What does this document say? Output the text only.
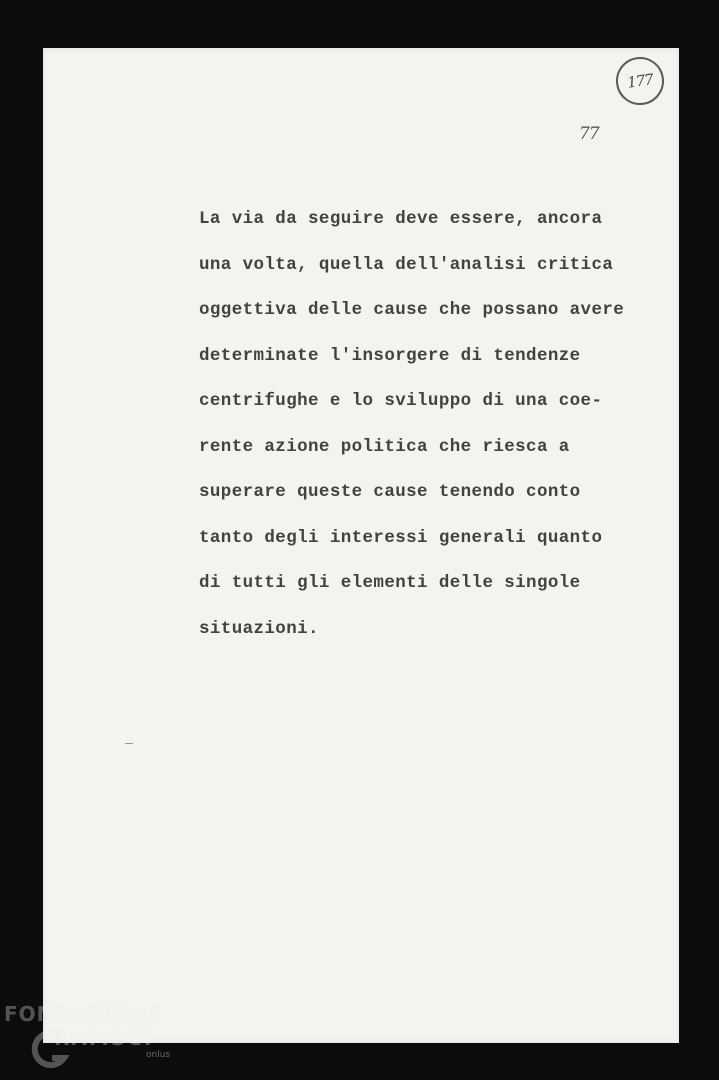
177
77
La via da seguire deve essere, ancora
una volta, quella dell'analisi critica
oggettiva delle cause che possano avere
determinate l'insorgere di tendenze
centrifughe e lo sviluppo di una coe-
rente azione politica che riesca a
superare queste cause tenendo conto
tanto degli interessi generali quanto
di tutti gli elementi delle singole
situazioni.
FONDAZIONE
RAMSCI
onlus
